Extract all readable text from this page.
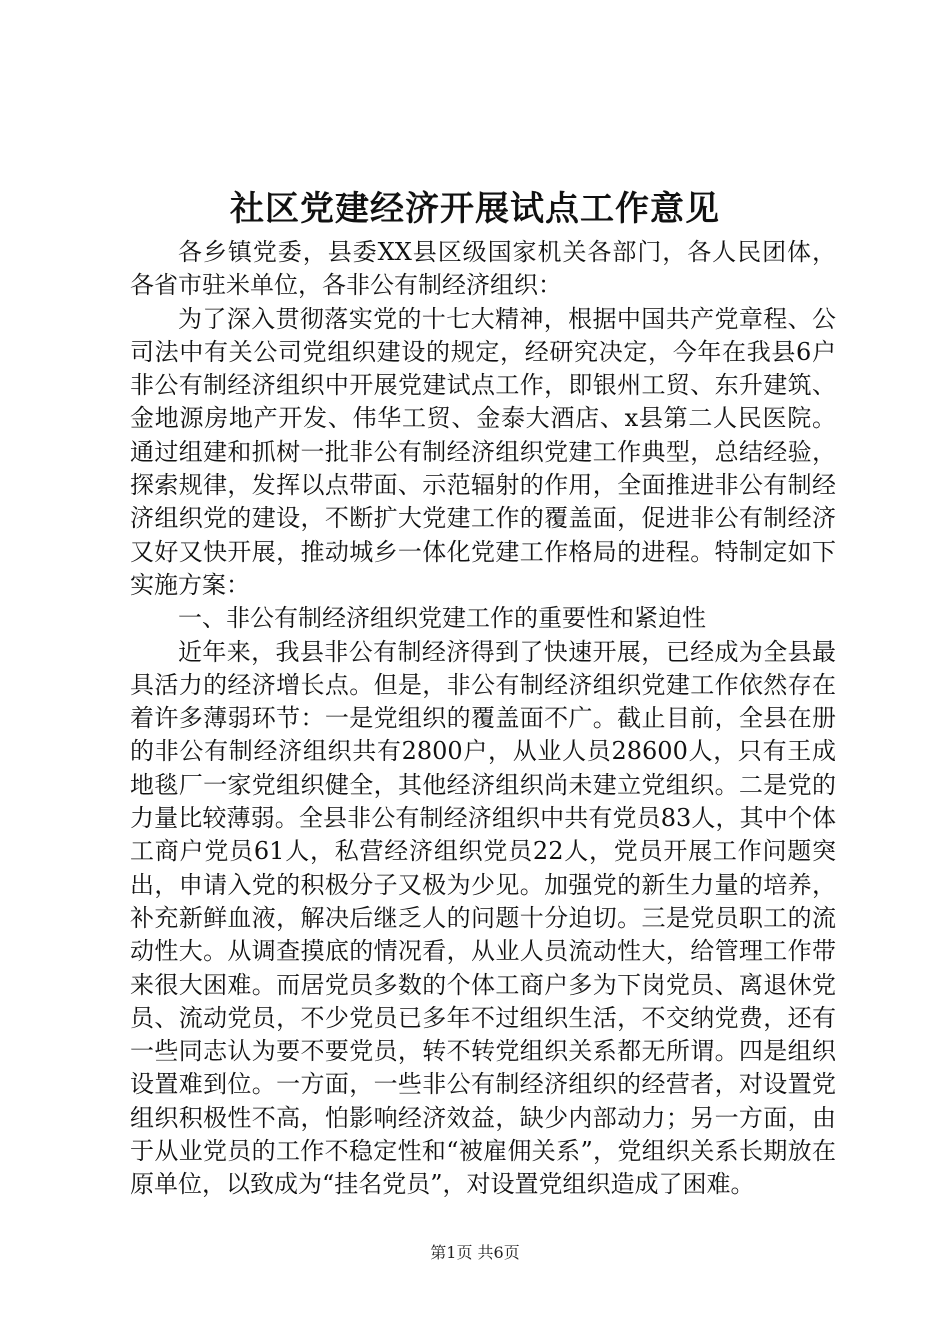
社区党建经济开展试点工作意见

各乡镇党委，县委XX县区级国家机关各部门，各人民团体，各省市驻米单位，各非公有制经济组织：

为了深入贯彻落实党的十七大精神，根据中国共产党章程、公司法中有关公司党组织建设的规定，经研究决定，今年在我县6户非公有制经济组织中开展党建试点工作，即银州工贸、东升建筑、金地源房地产开发、伟华工贸、金泰大酒店、x县第二人民医院。通过组建和抓树一批非公有制经济组织党建工作典型，总结经验，探索规律，发挥以点带面、示范辐射的作用，全面推进非公有制经济组织党的建设，不断扩大党建工作的覆盖面，促进非公有制经济又好又快开展，推动城乡一体化党建工作格局的进程。特制定如下实施方案：

一、非公有制经济组织党建工作的重要性和紧迫性

近年来，我县非公有制经济得到了快速开展，已经成为全县最具活力的经济增长点。但是，非公有制经济组织党建工作依然存在着许多薄弱环节：一是党组织的覆盖面不广。截止目前，全县在册的非公有制经济组织共有2800户，从业人员28600人，只有王成地毯厂一家党组织健全，其他经济组织尚未建立党组织。二是党的力量比较薄弱。全县非公有制经济组织中共有党员83人，其中个体工商户党员61人，私营经济组织党员22人，党员开展工作问题突出，申请入党的积极分子又极为少见。加强党的新生力量的培养，补充新鲜血液，解决后继乏人的问题十分迫切。三是党员职工的流动性大。从调查摸底的情况看，从业人员流动性大，给管理工作带来很大困难。而居党员多数的个体工商户多为下岗党员、离退休党员、流动党员，不少党员已多年不过组织生活，不交纳党费，还有一些同志认为要不要党员，转不转党组织关系都无所谓。四是组织设置难到位。一方面，一些非公有制经济组织的经营者，对设置党组织积极性不高，怕影响经济效益，缺少内部动力；另一方面，由于从业党员的工作不稳定性和“被雇佣关系”，党组织关系长期放在原单位，以致成为“挂名党员”，对设置党组织造成了困难。

第1页 共6页
